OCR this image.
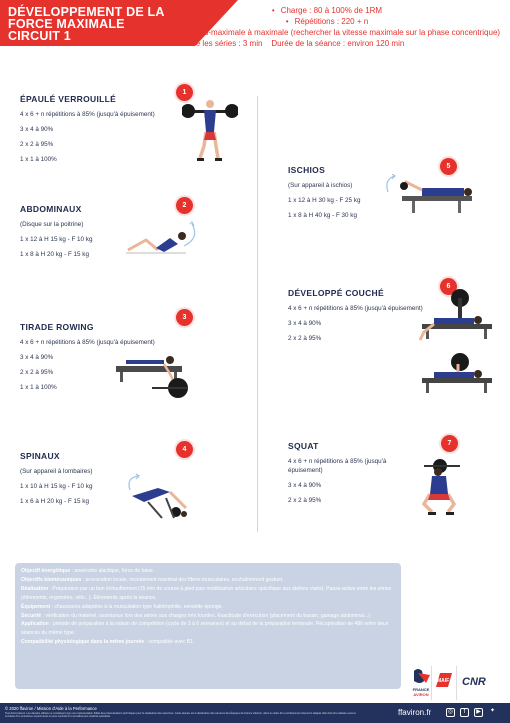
DÉVELOPPEMENT DE LA
FORCE MAXIMALE
CIRCUIT 1
• Charge : 80 à 100% de 1RM
• Répétitions : 220 + n
• Vitesse : sub-maximale à maximale (rechercher la vitesse maximale sur la phase concentrique)
• Pause entre les séries : 3 min Durée de la séance : environ 120 min
ÉPAULÉ VERROUILLÉ
4 x 6 + n répétitions à 85% (jusqu'à épuisement)
3 x 4 à 90%
2 x 2 à 95%
1 x 1 à 100%
1
ABDOMINAUX
(Disque sur la poitrine)
1 x 12 à H 15 kg - F 10 kg
1 x 8 à H 20 kg - F 15 kg
2
TIRADE ROWING
4 x 6 + n répétitions à 85% (jusqu'à épuisement)
3 x 4 à 90%
2 x 2 à 95%
1 x 1 à 100%
3
SPINAUX
(Sur appareil à lombaires)
1 x 10 à H 15 kg - F 10 kg
1 x 6 à H 20 kg - F 15 kg
4
ISCHIOS
(Sur appareil à ischios)
1 x 12 à H 30 kg - F 25 kg
1 x 8 à H 40 kg - F 30 kg
5
DÉVELOPPÉ COUCHÉ
4 x 6 + n répétitions à 85% (jusqu'à épuisement)
3 x 4 à 90%
2 x 2 à 95%
6
SQUAT
4 x 6 + n répétitions à 85% (jusqu'à
épuisement)
3 x 4 à 90%
2 x 2 à 95%
7

Objectif énergétique : anaérobie alactique, force de base.

Objectifs biomécaniques : provocation locale, recrutement maximal des fibres musculaires, enchaînement gestuel.

Réalisation : Préparation par un bon échauffement (15 min de course à pied puis mobilisation articulaire spécifique aux ateliers visés). Pause active entre les séries (étirements, ergomètre, vélo...). Étirements après la séance.

Équipement : chaussures adaptées à la musculation type haltérophilie, serviette éponge.

Sécurité : vérification du matériel, assistance lors des séries aux charges très lourdes. Exactitude d'exécution (placement du bassin, gainage abdominal...)

Application : période de préparation à la saison de compétition (cycle de 3 à 6 semaines) et au début de la préparation terminale. Récupération de 48h entre deux séances du même type.

Compatibilité physiologique dans la même journée : compatible avec B1.

FRANCE
AVIRON
MAIF CNR
© 2020 ffaviron / Mission d'Aide à la Performance
Tout droit réservé. Les dessins utilisés ne constituent que une représentation fidèle des préconisations techniques pour la réalisation des exercices. Cette séance est à destination des rameurs des Équipes de France d'aviron, dans le cadre d'un entraînement intensif et adapté. Elle doit être réalisée sous la conduite d'un entraîneur expérimenté et sous contrôle d'un encadrement médical spécialisé.	ffaviron.fr	◎	f	▶	✦
